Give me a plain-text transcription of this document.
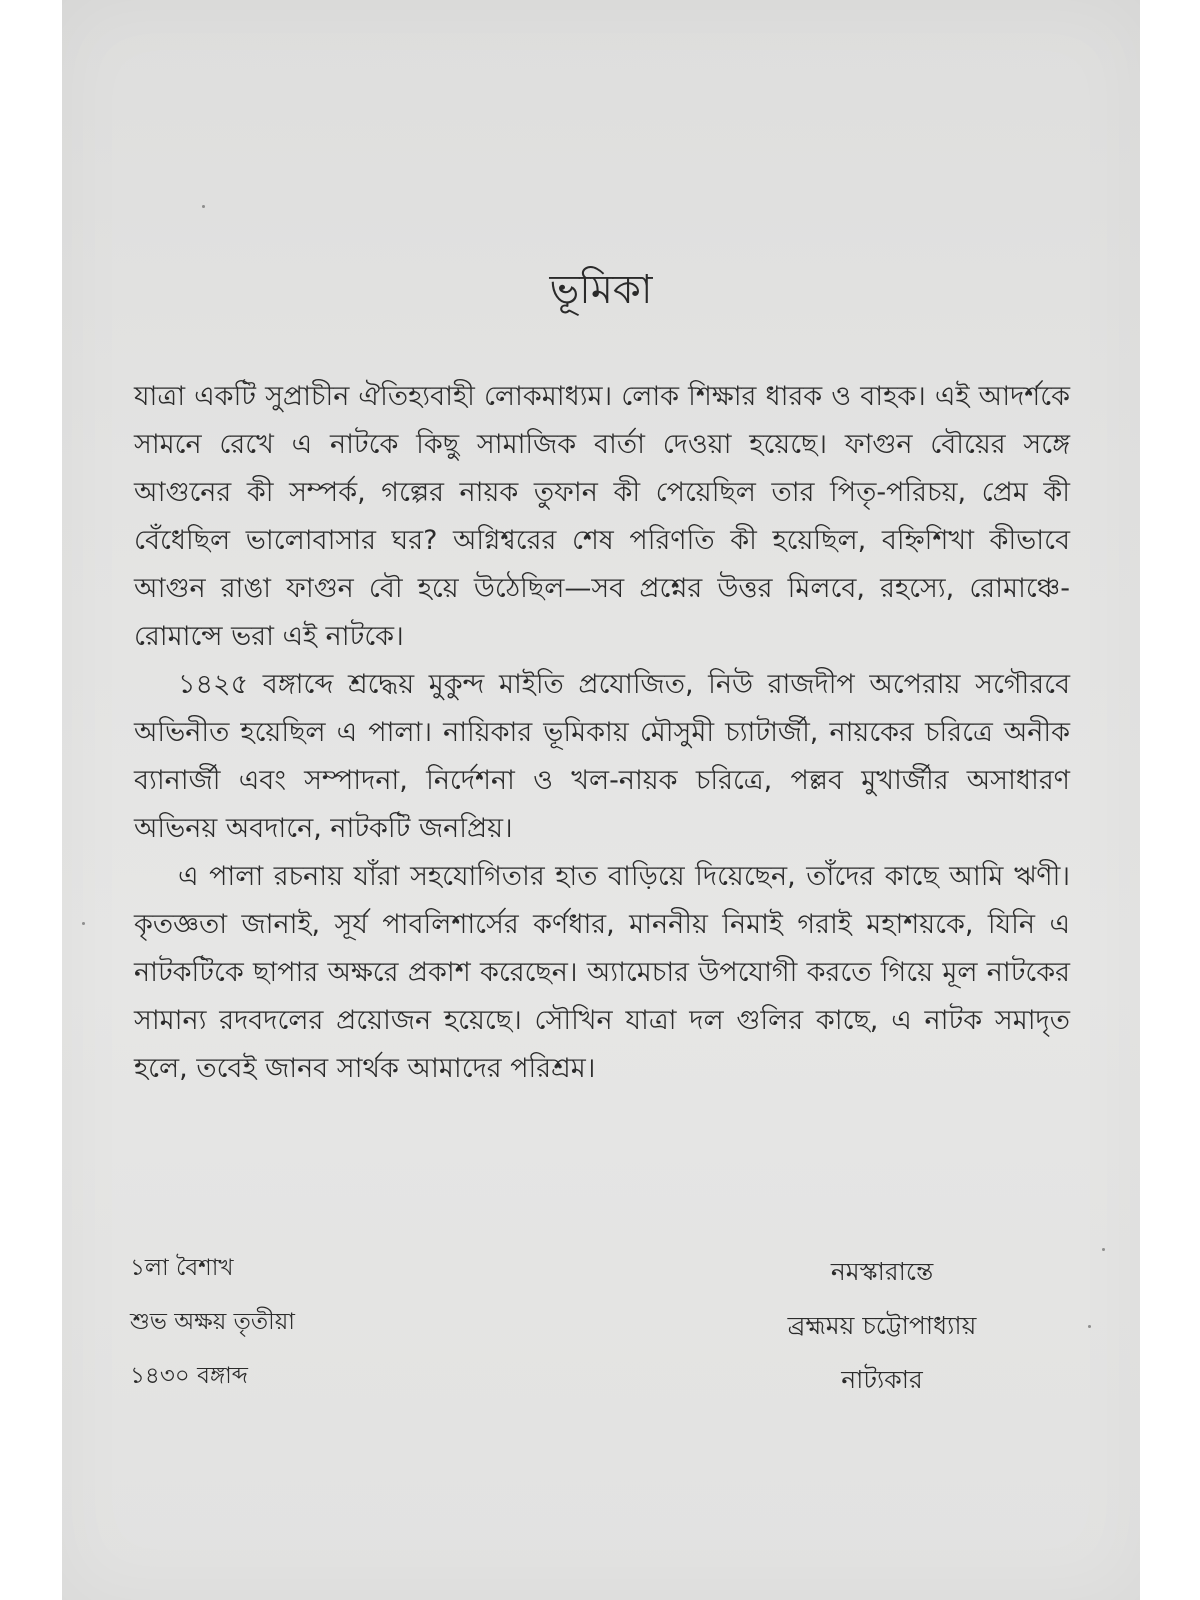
ভূমিকা

যাত্রা একটি সুপ্রাচীন ঐতিহ্যবাহী লোকমাধ্যম। লোক শিক্ষার ধারক ও বাহক। এই আদর্শকে সামনে রেখে এ নাটকে কিছু সামাজিক বার্তা দেওয়া হয়েছে। ফাগুন বৌয়ের সঙ্গে আগুনের কী সম্পর্ক, গল্পের নায়ক তুফান কী পেয়েছিল তার পিতৃ-পরিচয়, প্রেম কী বেঁধেছিল ভালোবাসার ঘর? অগ্নিশ্বরের শেষ পরিণতি কী হয়েছিল, বহ্নিশিখা কীভাবে আগুন রাঙা ফাগুন বৌ হয়ে উঠেছিল—সব প্রশ্নের উত্তর মিলবে, রহস্যে, রোমাঞ্চে-রোমান্সে ভরা এই নাটকে।

১৪২৫ বঙ্গাব্দে শ্রদ্ধেয় মুকুন্দ মাইতি প্রযোজিত, নিউ রাজদীপ অপেরায় সগৌরবে অভিনীত হয়েছিল এ পালা। নায়িকার ভূমিকায় মৌসুমী চ্যাটার্জী, নায়কের চরিত্রে অনীক ব্যানার্জী এবং সম্পাদনা, নির্দেশনা ও খল-নায়ক চরিত্রে, পল্লব মুখার্জীর অসাধারণ অভিনয় অবদানে, নাটকটি জনপ্রিয়।

এ পালা রচনায় যাঁরা সহযোগিতার হাত বাড়িয়ে দিয়েছেন, তাঁদের কাছে আমি ঋণী। কৃতজ্ঞতা জানাই, সূর্য পাবলিশার্সের কর্ণধার, মাননীয় নিমাই গরাই মহাশয়কে, যিনি এ নাটকটিকে ছাপার অক্ষরে প্রকাশ করেছেন। অ্যামেচার উপযোগী করতে গিয়ে মূল নাটকের সামান্য রদবদলের প্রয়োজন হয়েছে। সৌখিন যাত্রা দল গুলির কাছে, এ নাটক সমাদৃত হলে, তবেই জানব সার্থক আমাদের পরিশ্রম।

১লা বৈশাখ
শুভ অক্ষয় তৃতীয়া
১৪৩০ বঙ্গাব্দ
নমস্কারান্তে
ব্রহ্মময় চট্টোপাধ্যায়
নাট্যকার
